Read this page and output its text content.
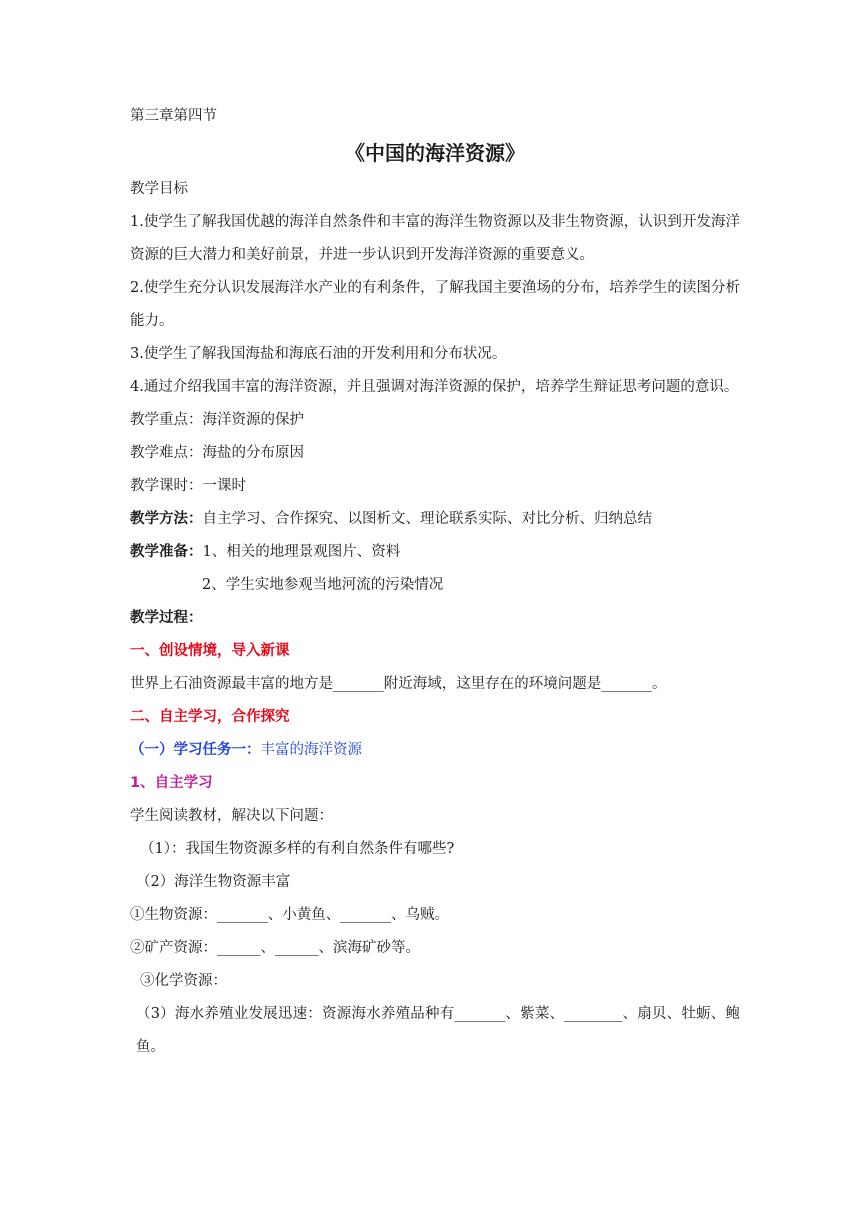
第三章第四节
《中国的海洋资源》
教学目标
1.使学生了解我国优越的海洋自然条件和丰富的海洋生物资源以及非生物资源，认识到开发海洋资源的巨大潜力和美好前景，并进一步认识到开发海洋资源的重要意义。
2.使学生充分认识发展海洋水产业的有利条件，了解我国主要渔场的分布，培养学生的读图分析能力。
3.使学生了解我国海盐和海底石油的开发利用和分布状况。
4.通过介绍我国丰富的海洋资源，并且强调对海洋资源的保护，培养学生辩证思考问题的意识。
教学重点：海洋资源的保护
教学难点：海盐的分布原因
教学课时：一课时
教学方法：自主学习、合作探究、以图析文、理论联系实际、对比分析、归纳总结
教学准备：1、相关的地理景观图片、资料
2、学生实地参观当地河流的污染情况
教学过程：
一、创设情境，导入新课
世界上石油资源最丰富的地方是_______附近海域，这里存在的环境问题是_______。
二、自主学习，合作探究
（一）学习任务一：丰富的海洋资源
1、自主学习
学生阅读教材，解决以下问题：
（1）：我国生物资源多样的有利自然条件有哪些?
（2）海洋生物资源丰富
①生物资源：_______、小黄鱼、_______、乌贼。
②矿产资源：______、______、滨海矿砂等。
③化学资源：
（3）海水养殖业发展迅速：资源海水养殖品种有_______、紫菜、________、扇贝、牡蛎、鲍鱼。
